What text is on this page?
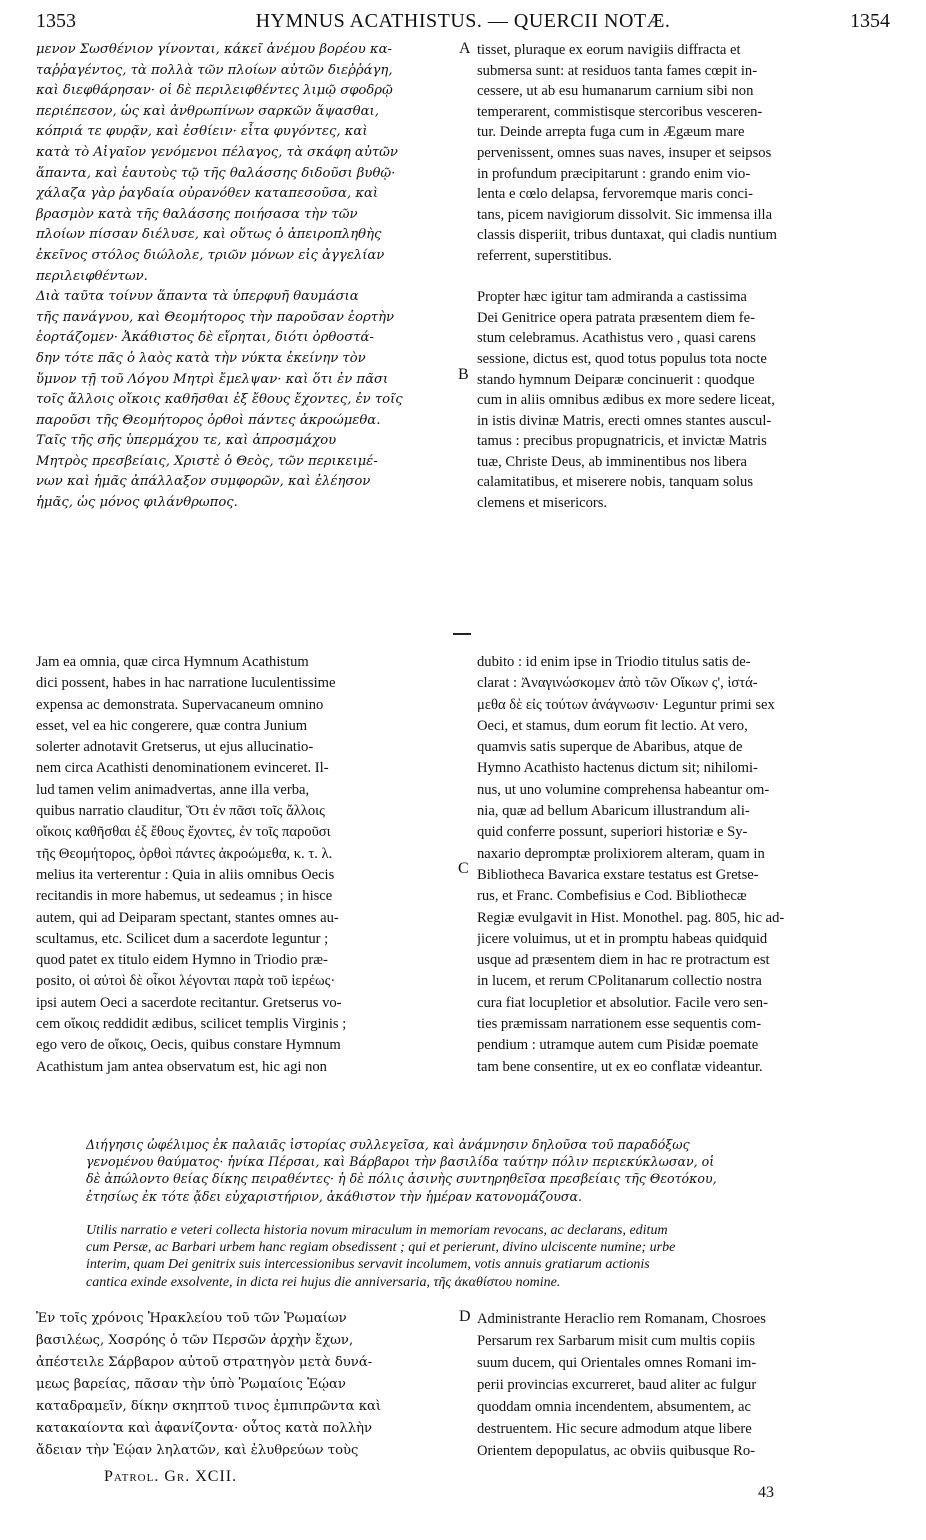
1353	HYMNUS ACATHISTUS. — QUERCII NOTÆ.	1354
μενον Σωσθένιον γίνονται, κάκεῖ ἀνέμου βορέου κα-
ταῤῥαγέντος, τὰ πολλὰ τῶν πλοίων αὐτῶν διεῤῥάγη,
καὶ διεφθάρησαν· οἱ δὲ περιλειφθέντες λιμῷ σφοδρῷ
περιέπεσον, ὡς καὶ ἀνθρωπίνων σαρκῶν ἅψασθαι,
κόπριά τε φυρᾷν, καὶ ἐσθίειν· εἶτα φυγόντες, καὶ
κατὰ τὸ Αἰγαῖον γενόμενοι πέλαγος, τὰ σκάφη αὐτῶν
ἅπαντα, καὶ ἑαυτοὺς τῷ τῆς θαλάσσης διδοῦσι βυθῷ·
χάλαζα γὰρ ῥαγδαία οὐρανόθεν καταπεσοῦσα, καὶ
βρασμὸν κατὰ τῆς θαλάσσης ποιήσασα τὴν τῶν
πλοίων πίσσαν διέλυσε, καὶ οὕτως ὁ ἀπειροπληθὴς
ἐκεῖνος στόλος διώλολε, τριῶν μόνων εἰς ἀγγελίαν
περιλειφθέντων.
Διὰ ταῦτα τοίνυν ἅπαντα τὰ ὑπερφυῆ θαυμάσια
τῆς πανάγνου, καὶ Θεομήτορος τὴν παροῦσαν ἑορτὴν
ἑορτάζομεν· Ἀκάθιστος δὲ εἴρηται, διότι ὀρθοστά-
δην τότε πᾶς ὁ λαὸς κατὰ τὴν νύκτα ἐκείνην τὸν
ὕμνον τῇ τοῦ Λόγου Μητρὶ ἔμελψαν· καὶ ὅτι ἐν πᾶσι
τοῖς ἄλλοις οἴκοις καθῆσθαι ἐξ ἔθους ἔχοντες, ἐν τοῖς
παροῦσι τῆς Θεομήτορος ὀρθοὶ πάντες ἀκροώμεθα.
Ταῖς τῆς σῆς ὑπερμάχου τε, καὶ ἀπροσμάχου
Μητρὸς πρεσβείαις, Χριστὲ ὁ Θεὸς, τῶν περικειμέ-
νων καὶ ἡμᾶς ἀπάλλαξον συμφορῶν, καὶ ἐλέησον
ἡμᾶς, ὡς μόνος φιλάνθρωπος.
tisset, pluraque ex eorum navigiis diffracta et
submersa sunt: at residuos tanta fames cœpit in-
cessere, ut ab esu humanarum carnium sibi non
temperarent, commistisque stercoribus vesceren-
tur. Deinde arrepta fuga cum in Ægæum mare
pervenissent, omnes suas naves, insuper et seipsos
in profundum præcipitarunt : grando enim vio-
lenta e cœlo delapsa, fervoremque maris conci-
tans, picem navigiorum dissolvit. Sic immensa illa
classis disperiit, tribus duntaxat, qui cladis nuntium
referrent, superstitibus.

Propter hæc igitur tam admiranda a castissima
Dei Genitrice opera patrata præsentem diem fe-
stum celebramus. Acathistus vero , quasi carens
sessione, dictus est, quod totus populus tota nocte
stando hymnum Deiparæ concinuerit : quodque
cum in aliis omnibus ædibus ex more sedere liceat,
in istis divinæ Matris, erecti omnes stantes auscul-
tamus : precibus propugnatricis, et invictæ Matris
tuæ, Christe Deus, ab imminentibus nos libera
calamitatibus, et miserere nobis, tanquam solus
clemens et misericors.
A
B
Jam ea omnia, quæ circa Hymnum Acathistum
dici possent, habes in hac narratione luculentissime
expensa ac demonstrata. Supervacaneum omnino
esset, vel ea hic congerere, quæ contra Junium
solerter adnotavit Gretserus, ut ejus allucinatio-
nem circa Acathisti denominationem evinceret. Il-
lud tamen velim animadvertas, anne illa verba,
quibus narratio clauditur, Ὅτι ἐν πᾶσι τοῖς ἄλλοις
οἴκοις καθῆσθαι ἐξ ἔθους ἔχοντες, ἐν τοῖς παροῦσι
τῆς Θεομήτορος, ὀρθοὶ πάντες ἀκροώμεθα, κ. τ. λ.
melius ita verterentur : Quia in aliis omnibus Oecis
recitandis in more habemus, ut sedeamus ; in hisce
autem, qui ad Deiparam spectant, stantes omnes au-
scultamus, etc. Scilicet dum a sacerdote leguntur ;
quod patet ex titulo eidem Hymno in Triodio præ-
posito, οἱ αὐτοὶ δὲ οἶκοι λέγονται παρὰ τοῦ ἱερέως·
ipsi autem Oeci a sacerdote recitantur. Gretserus vo-
cem οἴκοις reddidit ædibus, scilicet templis Virginis ;
ego vero de οἴκοις, Oecis, quibus constare Hymnum
Acathistum jam antea observatum est, hic agi non
dubito : id enim ipse in Triodio titulus satis de-
clarat : Ἀναγινώσκομεν ἀπὸ τῶν Οἴκων ς', ἱστά-
μεθα δὲ εἰς τούτων ἀνάγνωσιν· Leguntur primi sex
Oeci, et stamus, dum eorum fit lectio. At vero,
quamvis satis superque de Abaribus, atque de
Hymno Acathisto hactenus dictum sit; nihilomi-
nus, ut uno volumine comprehensa habeantur om-
nia, quæ ad bellum Abaricum illustrandum ali-
quid conferre possunt, superiori historiæ e Sy-
naxario depromptæ prolixiorem alteram, quam in
Bibliotheca Bavarica exstare testatus est Gretse-
rus, et Franc. Combefisius e Cod. Bibliothecæ
Regiæ evulgavit in Hist. Monothel. pag. 805, hic ad-
jicere voluimus, ut et in promptu habeas quidquid
usque ad præsentem diem in hac re protractum est
in lucem, et rerum CPolitanarum collectio nostra
cura fiat locupletior et absolutior. Facile vero sen-
ties præmissam narrationem esse sequentis com-
pendium : utramque autem cum Pisidæ poemate
tam bene consentire, ut ex eo conflatæ videantur.
C
Διήγησις ὠφέλιμος ἐκ παλαιᾶς ἱστορίας συλλεγεῖσα, καὶ ἀνάμνησιν δηλοῦσα τοῦ παραδόξως
γενομένου θαύματος· ἡνίκα Πέρσαι, καὶ Βάρβαροι τὴν βασιλίδα ταύτην πόλιν περιεκύκλωσαν, οἱ
δὲ ἀπώλοντο θείας δίκης πειραθέντες· ἡ δὲ πόλις ἀσινὴς συντηρηθεῖσα πρεσβείαις τῆς Θεοτόκου,
ἐτησίως ἐκ τότε ᾄδει εὐχαριστήριον, ἀκάθιστον τὴν ἡμέραν κατονομάζουσα.
Utilis narratio e veteri collecta historia novum miraculum in memoriam revocans, ac declarans, editum
cum Persæ, ac Barbari urbem hanc regiam obsedissent ; qui et perierunt, divino ulciscente numine; urbe
interim, quam Dei genitrix suis intercessionibus servavit incolumem, votis annuis gratiarum actionis
cantica exinde exsolvente, in dicta rei hujus die anniversaria, τῆς ἀκαθίστου nomine.
Ἐν τοῖς χρόνοις Ἡρακλείου τοῦ τῶν Ῥωμαίων
βασιλέως, Χοσρόης ὁ τῶν Περσῶν ἀρχὴν ἔχων,
ἀπέστειλε Σάρβαρον αὐτοῦ στρατηγὸν μετὰ δυνά-
μεως βαρείας, πᾶσαν τὴν ὑπὸ Ῥωμαίοις Ἑῴαν
καταδραμεῖν, δίκην σκηπτοῦ τινος ἐμπιπρῶντα καὶ
κατακαίοντα καὶ ἀφανίζοντα· οὗτος κατὰ πολλὴν
ἄδειαν τὴν Ἑῴαν ληλατῶν, καὶ ἐλυθρεύων τοὺς
Administrante Heraclio rem Romanam, Chosroes
Persarum rex Sarbarum misit cum multis copiis
suum ducem, qui Orientales omnes Romani im-
perii provincias excurreret, baud aliter ac fulgur
quoddam omnia incendentem, absumentem, ac
destruentem. Hic secure admodum atque libere
Orientem depopulatus, ac obviis quibusque Ro-
D
Patrol. Gr. XCII.
43
